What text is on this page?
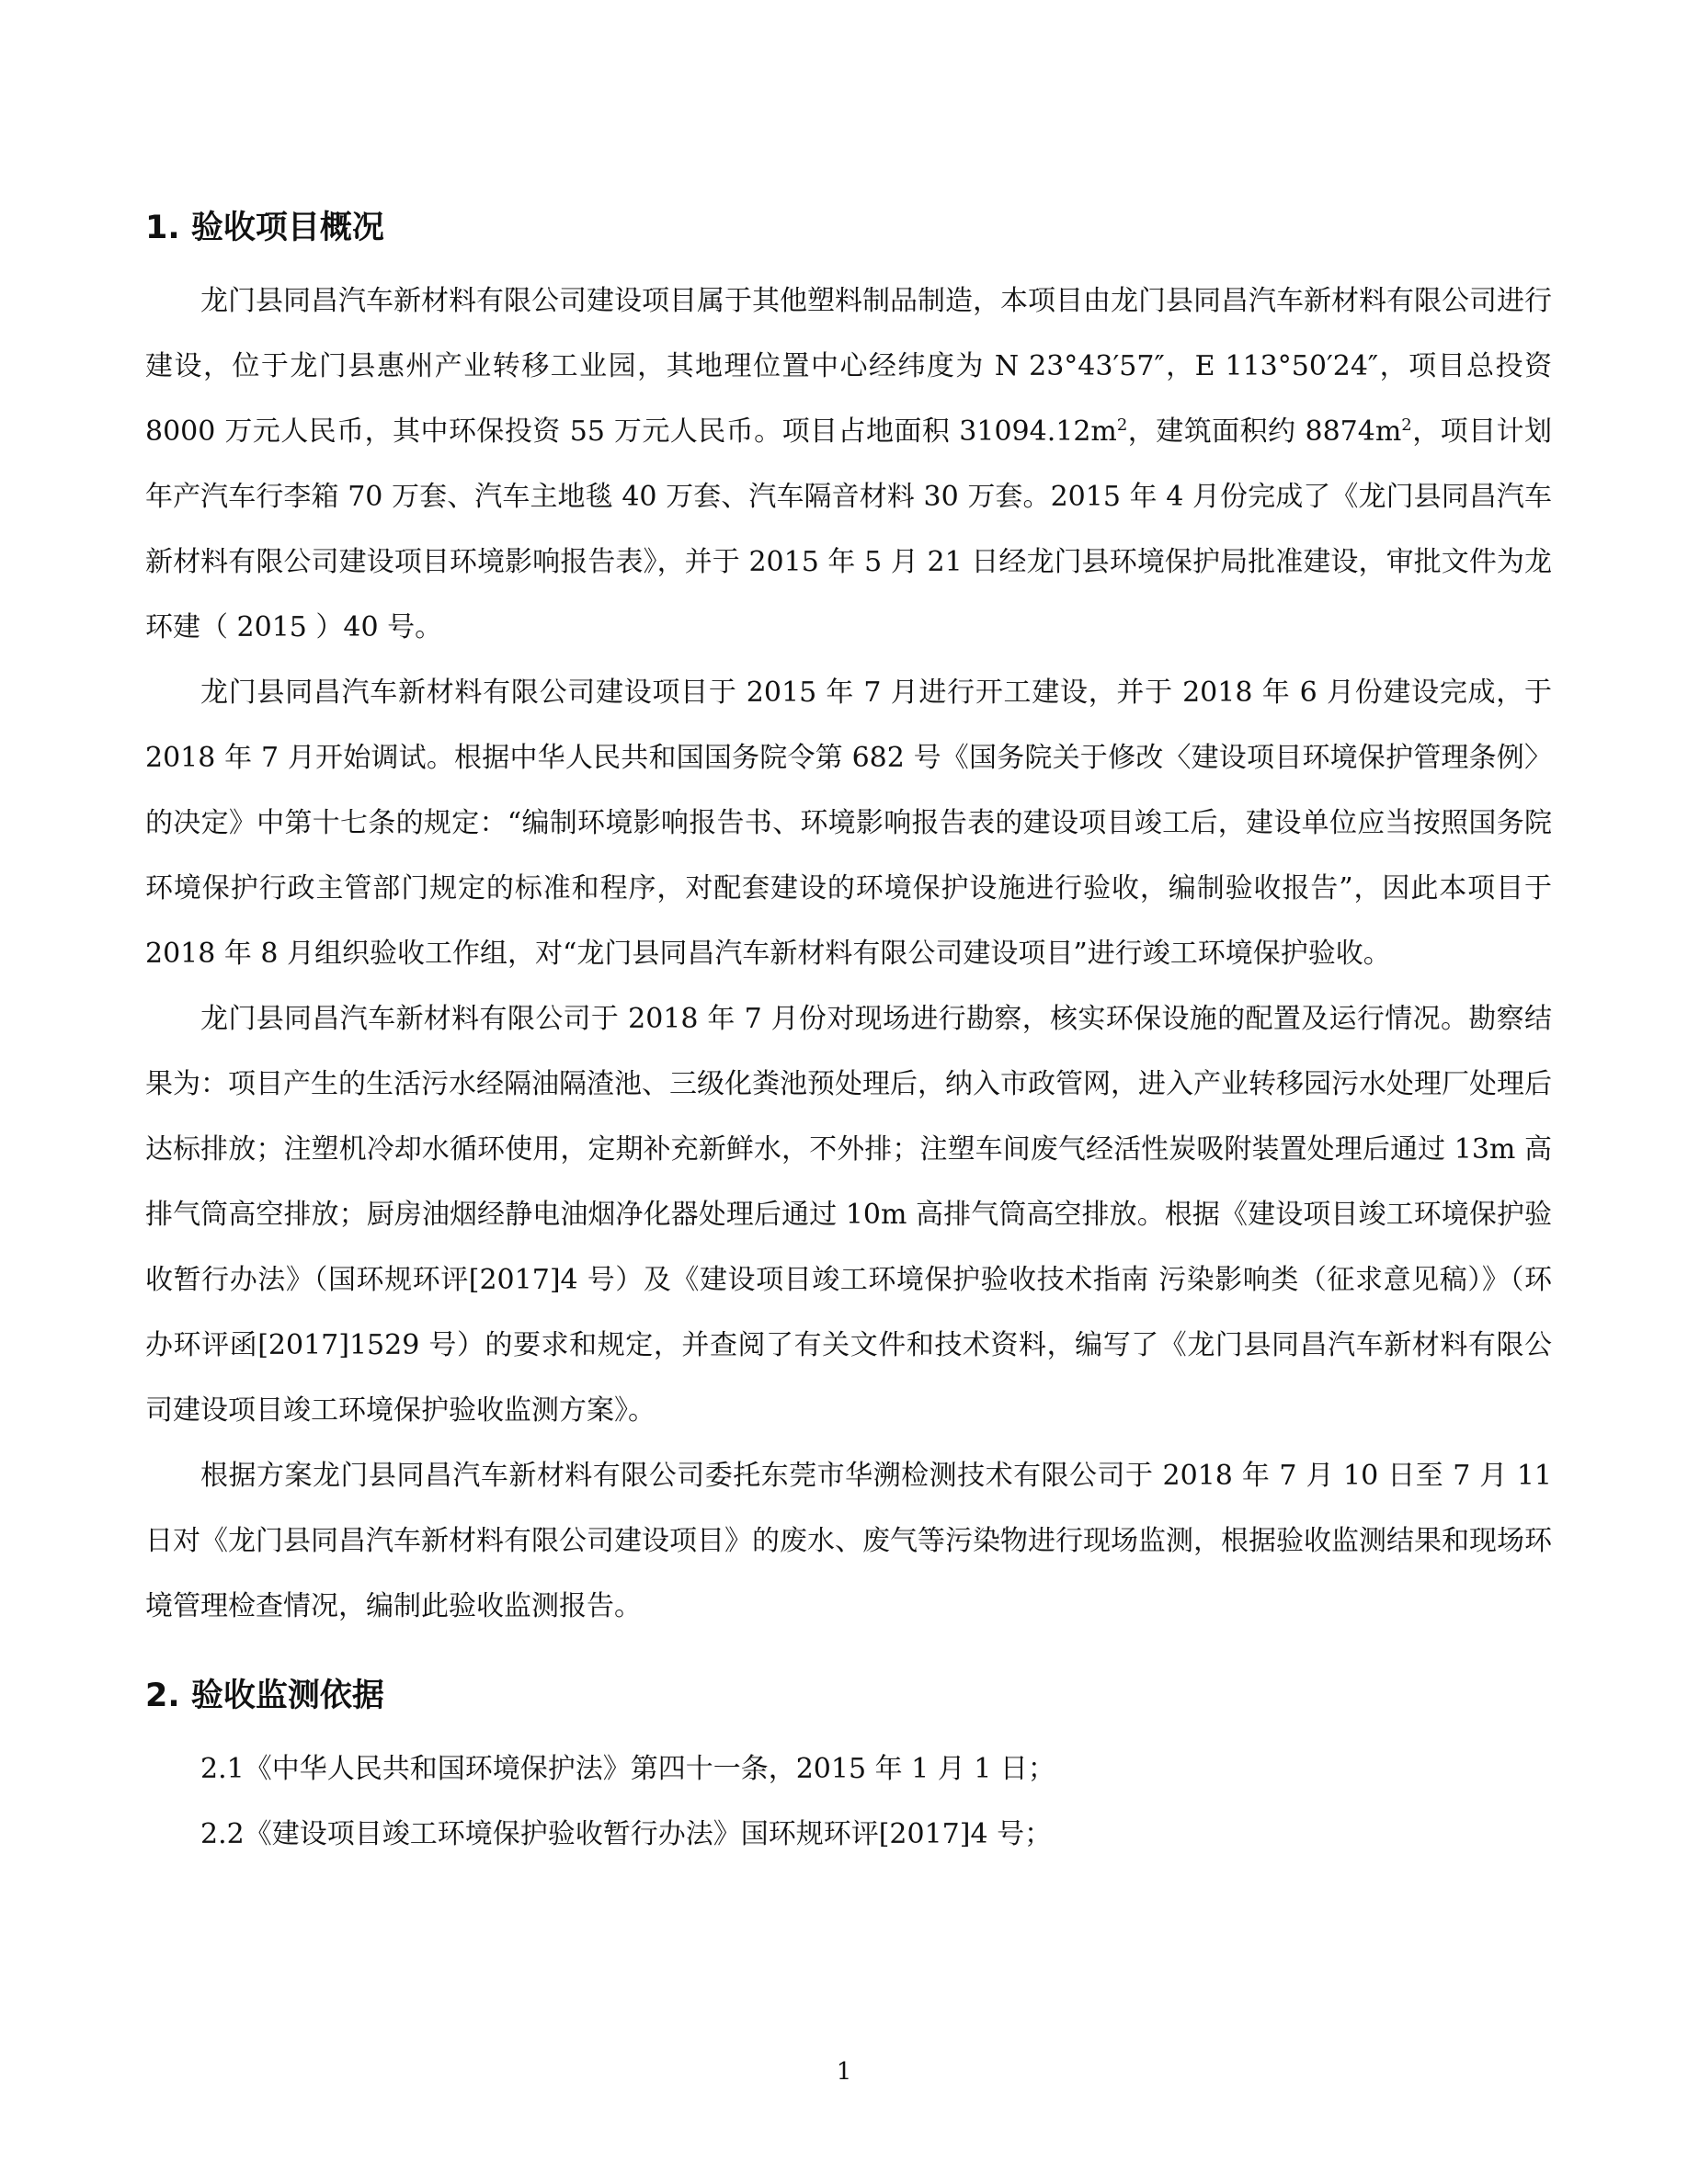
1. 验收项目概况

龙门县同昌汽车新材料有限公司建设项目属于其他塑料制品制造，本项目由龙门县同昌汽车新材料有限公司进行建设，位于龙门县惠州产业转移工业园，其地理位置中心经纬度为 N 23°43′57″，E 113°50′24″，项目总投资 8000 万元人民币，其中环保投资 55 万元人民币。项目占地面积 $31094.12m^2$，建筑面积约 $8874m^2$，项目计划年产汽车行李箱 70 万套、汽车主地毯 40 万套、汽车隔音材料 30 万套。2015 年 4 月份完成了《龙门县同昌汽车新材料有限公司建设项目环境影响报告表》，并于 2015 年 5 月 21 日经龙门县环境保护局批准建设，审批文件为龙环建（ 2015 ）40 号。

龙门县同昌汽车新材料有限公司建设项目于 2015 年 7 月进行开工建设，并于 2018 年 6 月份建设完成，于 2018 年 7 月开始调试。根据中华人民共和国国务院令第 682 号《国务院关于修改〈建设项目环境保护管理条例〉的决定》中第十七条的规定：“编制环境影响报告书、环境影响报告表的建设项目竣工后，建设单位应当按照国务院环境保护行政主管部门规定的标准和程序，对配套建设的环境保护设施进行验收，编制验收报告”，因此本项目于 2018 年 8 月组织验收工作组，对“龙门县同昌汽车新材料有限公司建设项目”进行竣工环境保护验收。

龙门县同昌汽车新材料有限公司于 2018 年 7 月份对现场进行勘察，核实环保设施的配置及运行情况。勘察结果为：项目产生的生活污水经隔油隔渣池、三级化粪池预处理后，纳入市政管网，进入产业转移园污水处理厂处理后达标排放；注塑机冷却水循环使用，定期补充新鲜水，不外排；注塑车间废气经活性炭吸附装置处理后通过 13m 高排气筒高空排放；厨房油烟经静电油烟净化器处理后通过 10m 高排气筒高空排放。根据《建设项目竣工环境保护验收暂行办法》（国环规环评[2017]4 号）及《建设项目竣工环境保护验收技术指南 污染影响类（征求意见稿）》（环办环评函[2017]1529 号）的要求和规定，并查阅了有关文件和技术资料，编写了《龙门县同昌汽车新材料有限公司建设项目竣工环境保护验收监测方案》。

根据方案龙门县同昌汽车新材料有限公司委托东莞市华溯检测技术有限公司于 2018 年 7 月 10 日至 7 月 11 日对《龙门县同昌汽车新材料有限公司建设项目》的废水、废气等污染物进行现场监测，根据验收监测结果和现场环境管理检查情况，编制此验收监测报告。

2. 验收监测依据

2.1《中华人民共和国环境保护法》第四十一条，2015 年 1 月 1 日；

2.2《建设项目竣工环境保护验收暂行办法》国环规环评[2017]4 号；

1
